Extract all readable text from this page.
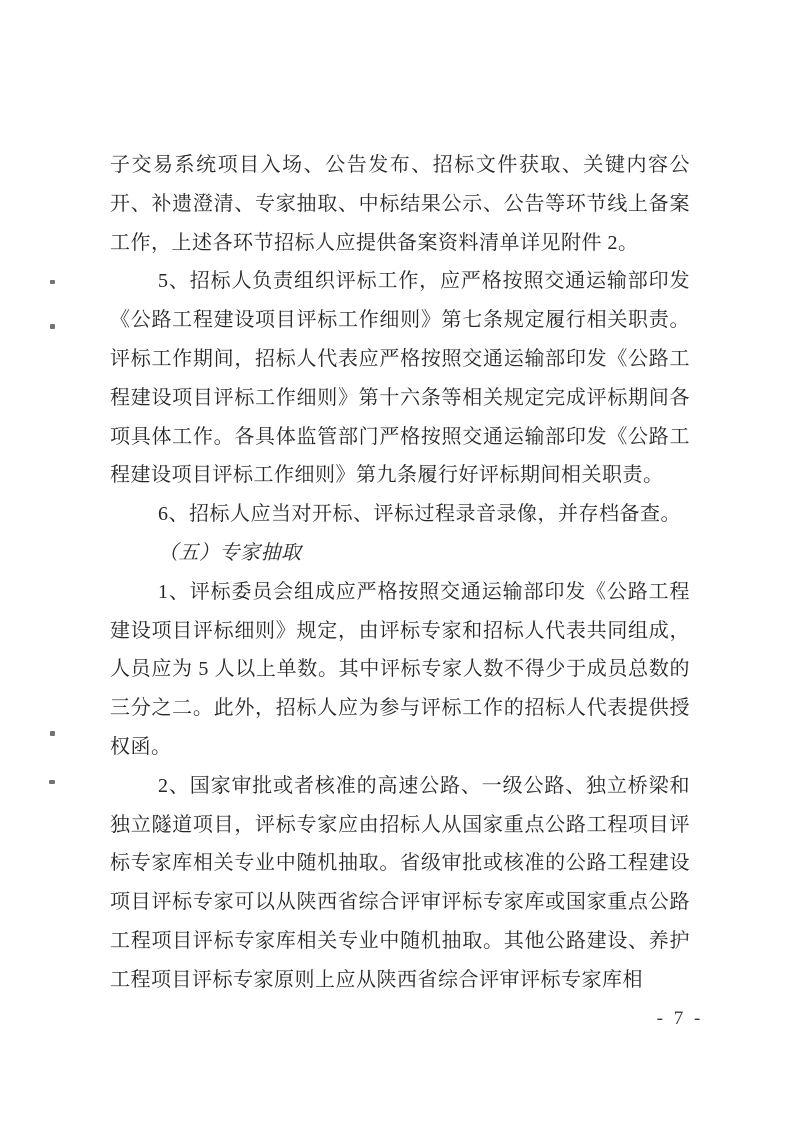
子交易系统项目入场、公告发布、招标文件获取、关键内容公开、补遗澄清、专家抽取、中标结果公示、公告等环节线上备案工作，上述各环节招标人应提供备案资料清单详见附件 2。

5、招标人负责组织评标工作，应严格按照交通运输部印发《公路工程建设项目评标工作细则》第七条规定履行相关职责。评标工作期间，招标人代表应严格按照交通运输部印发《公路工程建设项目评标工作细则》第十六条等相关规定完成评标期间各项具体工作。各具体监管部门严格按照交通运输部印发《公路工程建设项目评标工作细则》第九条履行好评标期间相关职责。

6、招标人应当对开标、评标过程录音录像，并存档备查。

（五）专家抽取

1、评标委员会组成应严格按照交通运输部印发《公路工程建设项目评标细则》规定，由评标专家和招标人代表共同组成，人员应为 5 人以上单数。其中评标专家人数不得少于成员总数的三分之二。此外，招标人应为参与评标工作的招标人代表提供授权函。

2、国家审批或者核准的高速公路、一级公路、独立桥梁和独立隧道项目，评标专家应由招标人从国家重点公路工程项目评标专家库相关专业中随机抽取。省级审批或核准的公路工程建设项目评标专家可以从陕西省综合评审评标专家库或国家重点公路工程项目评标专家库相关专业中随机抽取。其他公路建设、养护工程项目评标专家原则上应从陕西省综合评审评标专家库相

- 7 -
